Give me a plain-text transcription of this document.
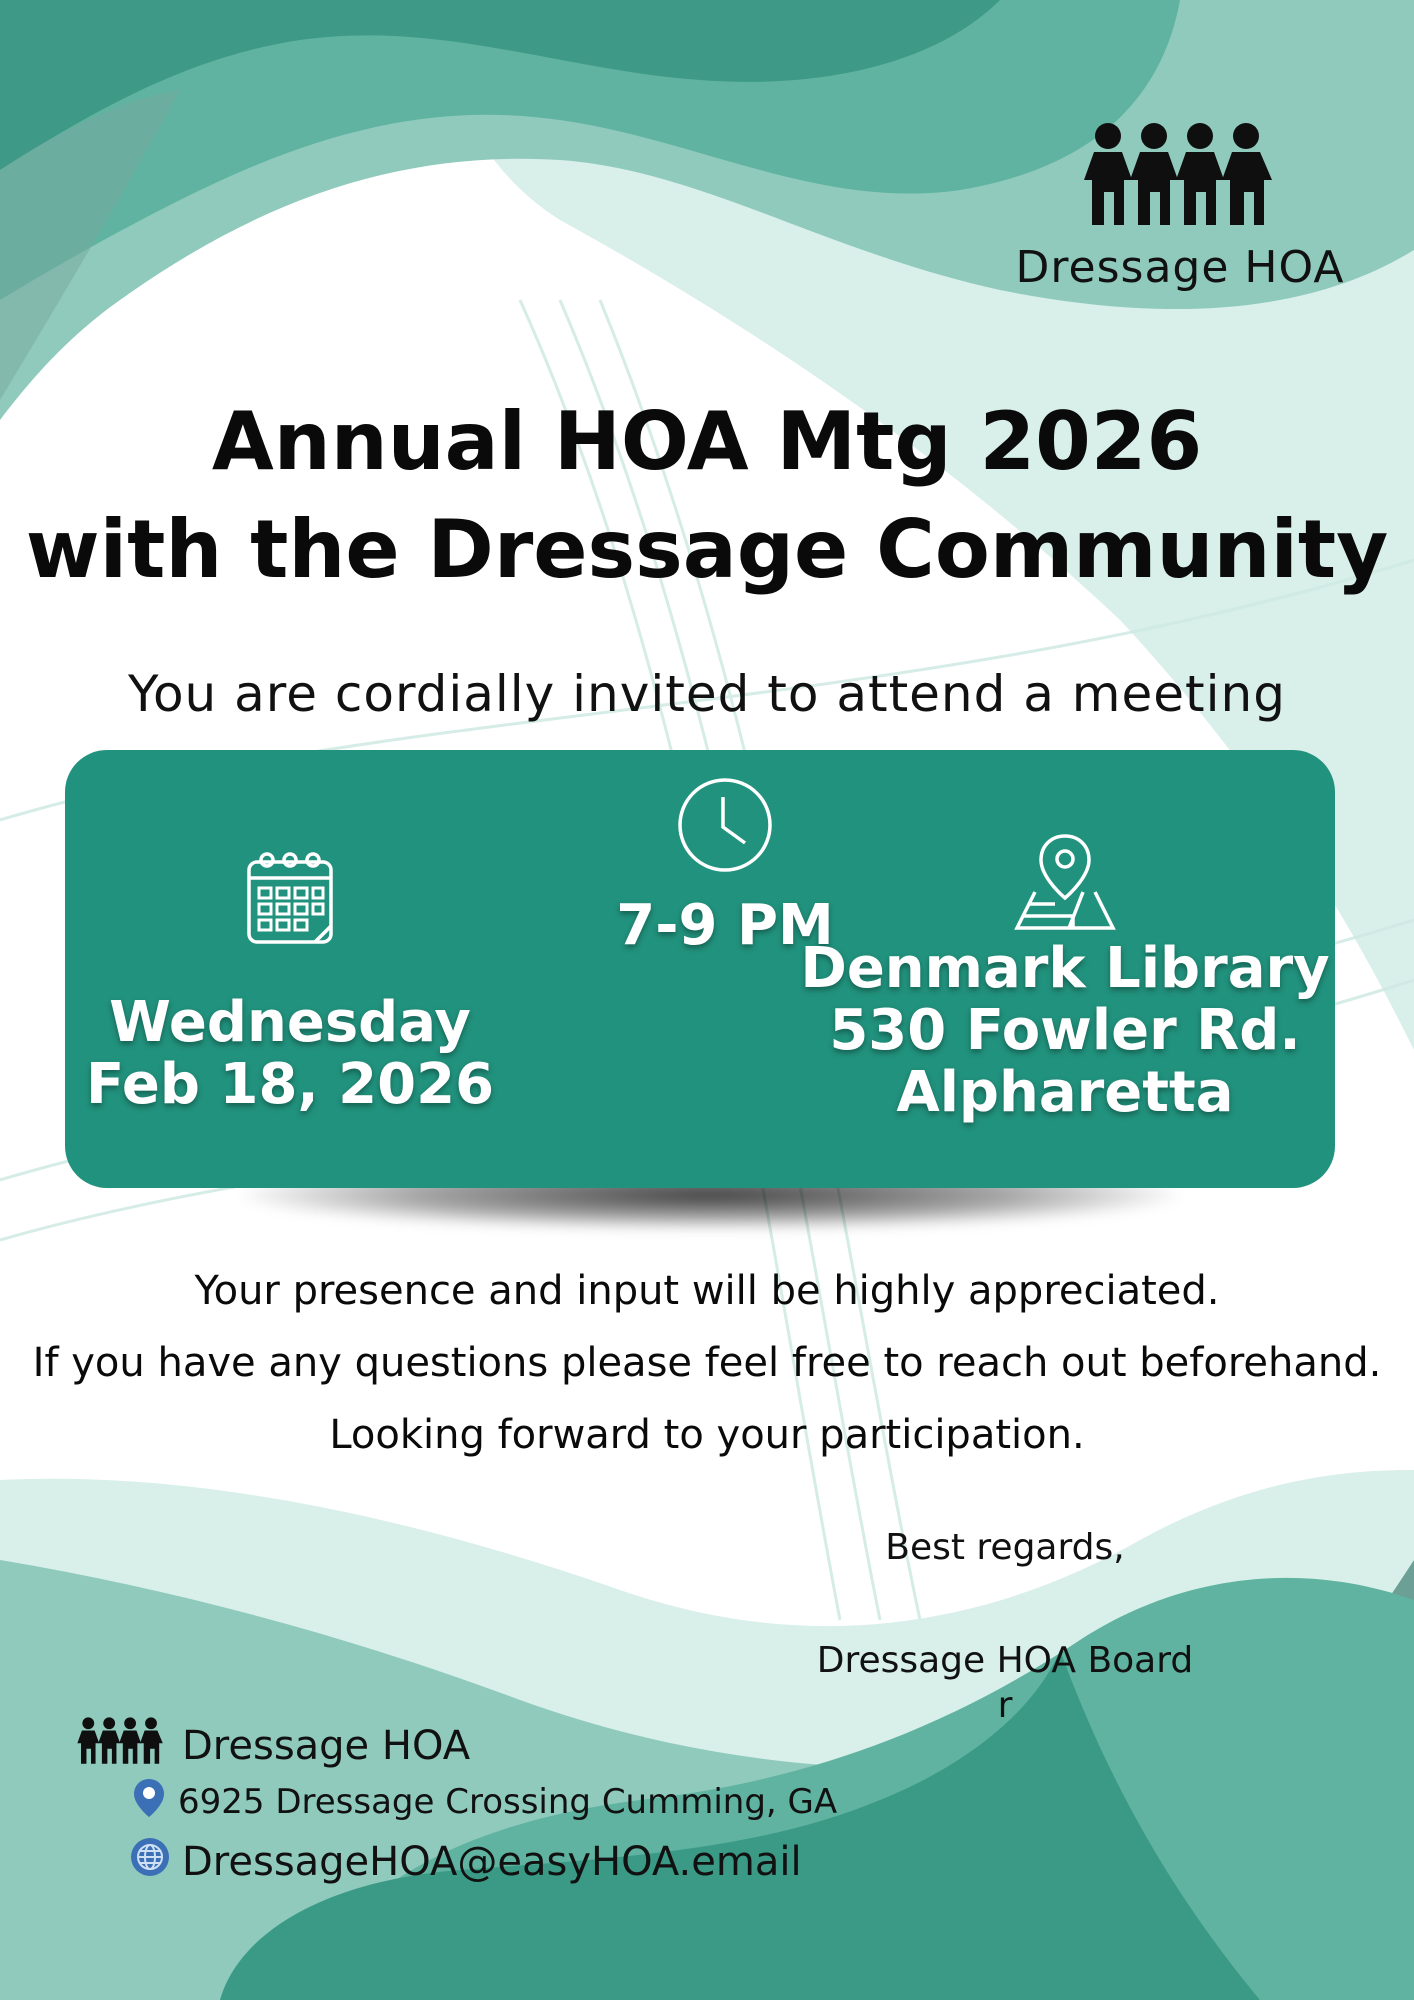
Dressage HOA
Annual HOA Mtg 2026
with the Dressage Community
You are cordially invited to attend a meeting
Wednesday
Feb 18, 2026
7-9 PM
Denmark Library
530 Fowler Rd.
Alpharetta
Your presence and input will be highly appreciated.
If you have any questions please feel free to reach out beforehand.
Looking forward to your participation.
Best regards,
Dressage HOA Board
r
Dressage HOA
6925 Dressage Crossing Cumming, GA
DressageHOA@easyHOA.email
